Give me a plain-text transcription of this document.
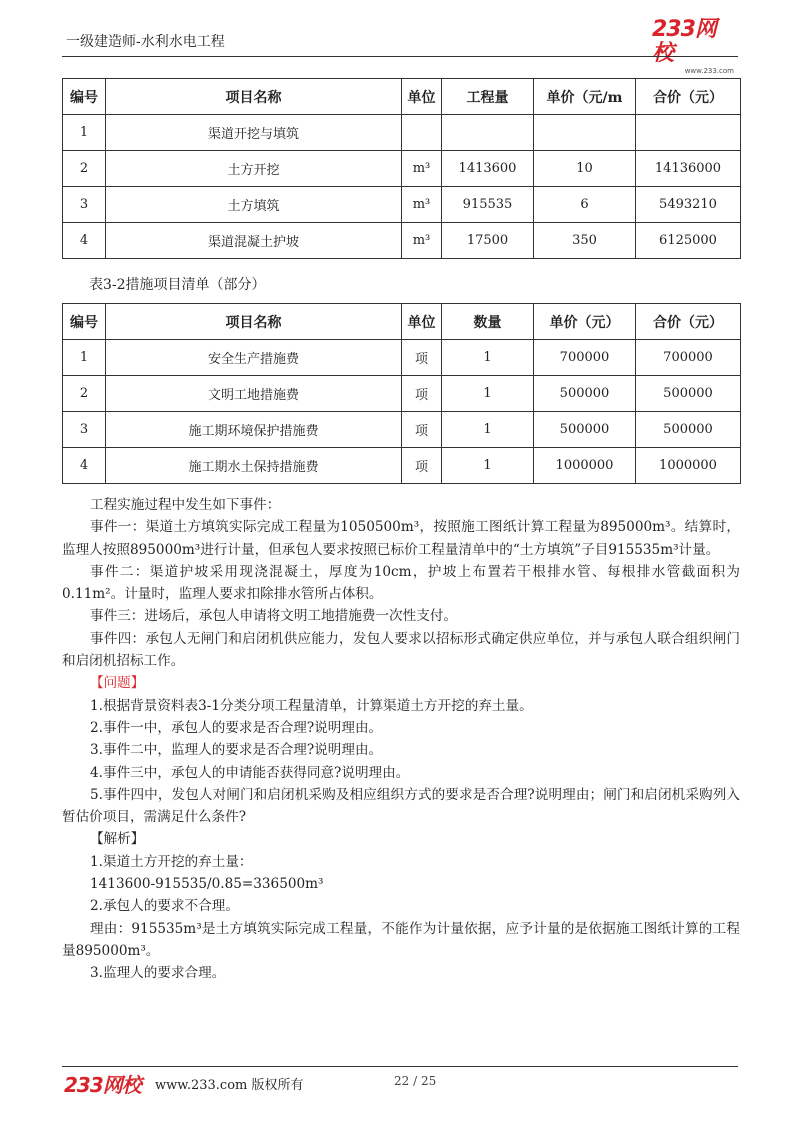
一级建造师-水利水电工程	233网校
www.233.com
编号	项目名称	单位	工程量	单价（元/m	合价（元）
1	渠道开挖与填筑				
2	土方开挖	m³	1413600	10	14136000
3	土方填筑	m³	915535	6	5493210
4	渠道混凝土护坡	m³	17500	350	6125000
表3-2措施项目清单（部分）
编号	项目名称	单位	数量	单价（元）	合价（元）
1	安全生产措施费	项	1	700000	700000
2	文明工地措施费	项	1	500000	500000
3	施工期环境保护措施费	项	1	500000	500000
4	施工期水土保持措施费	项	1	1000000	1000000

工程实施过程中发生如下事件：

事件一：渠道土方填筑实际完成工程量为1050500m³，按照施工图纸计算工程量为895000m³。结算时，监理人按照895000m³进行计量，但承包人要求按照已标价工程量清单中的“土方填筑”子目915535m³计量。

事件二：渠道护坡采用现浇混凝土，厚度为10cm，护坡上布置若干根排水管、每根排水管截面积为0.11m²。计量时，监理人要求扣除排水管所占体积。

事件三：进场后，承包人申请将文明工地措施费一次性支付。

事件四：承包人无闸门和启闭机供应能力，发包人要求以招标形式确定供应单位，并与承包人联合组织闸门和启闭机招标工作。

【问题】

1.根据背景资料表3-1分类分项工程量清单，计算渠道土方开挖的弃土量。

2.事件一中，承包人的要求是否合理?说明理由。

3.事件二中，监理人的要求是否合理?说明理由。

4.事件三中，承包人的申请能否获得同意?说明理由。

5.事件四中，发包人对闸门和启闭机采购及相应组织方式的要求是否合理?说明理由；闸门和启闭机采购列入暂估价项目，需满足什么条件?

【解析】

1.渠道土方开挖的弃土量：

1413600-915535/0.85=336500m³

2.承包人的要求不合理。

理由：915535m³是土方填筑实际完成工程量，不能作为计量依据，应予计量的是依据施工图纸计算的工程量895000m³。

3.监理人的要求合理。

233网校 www.233.com 版权所有	22 / 25
